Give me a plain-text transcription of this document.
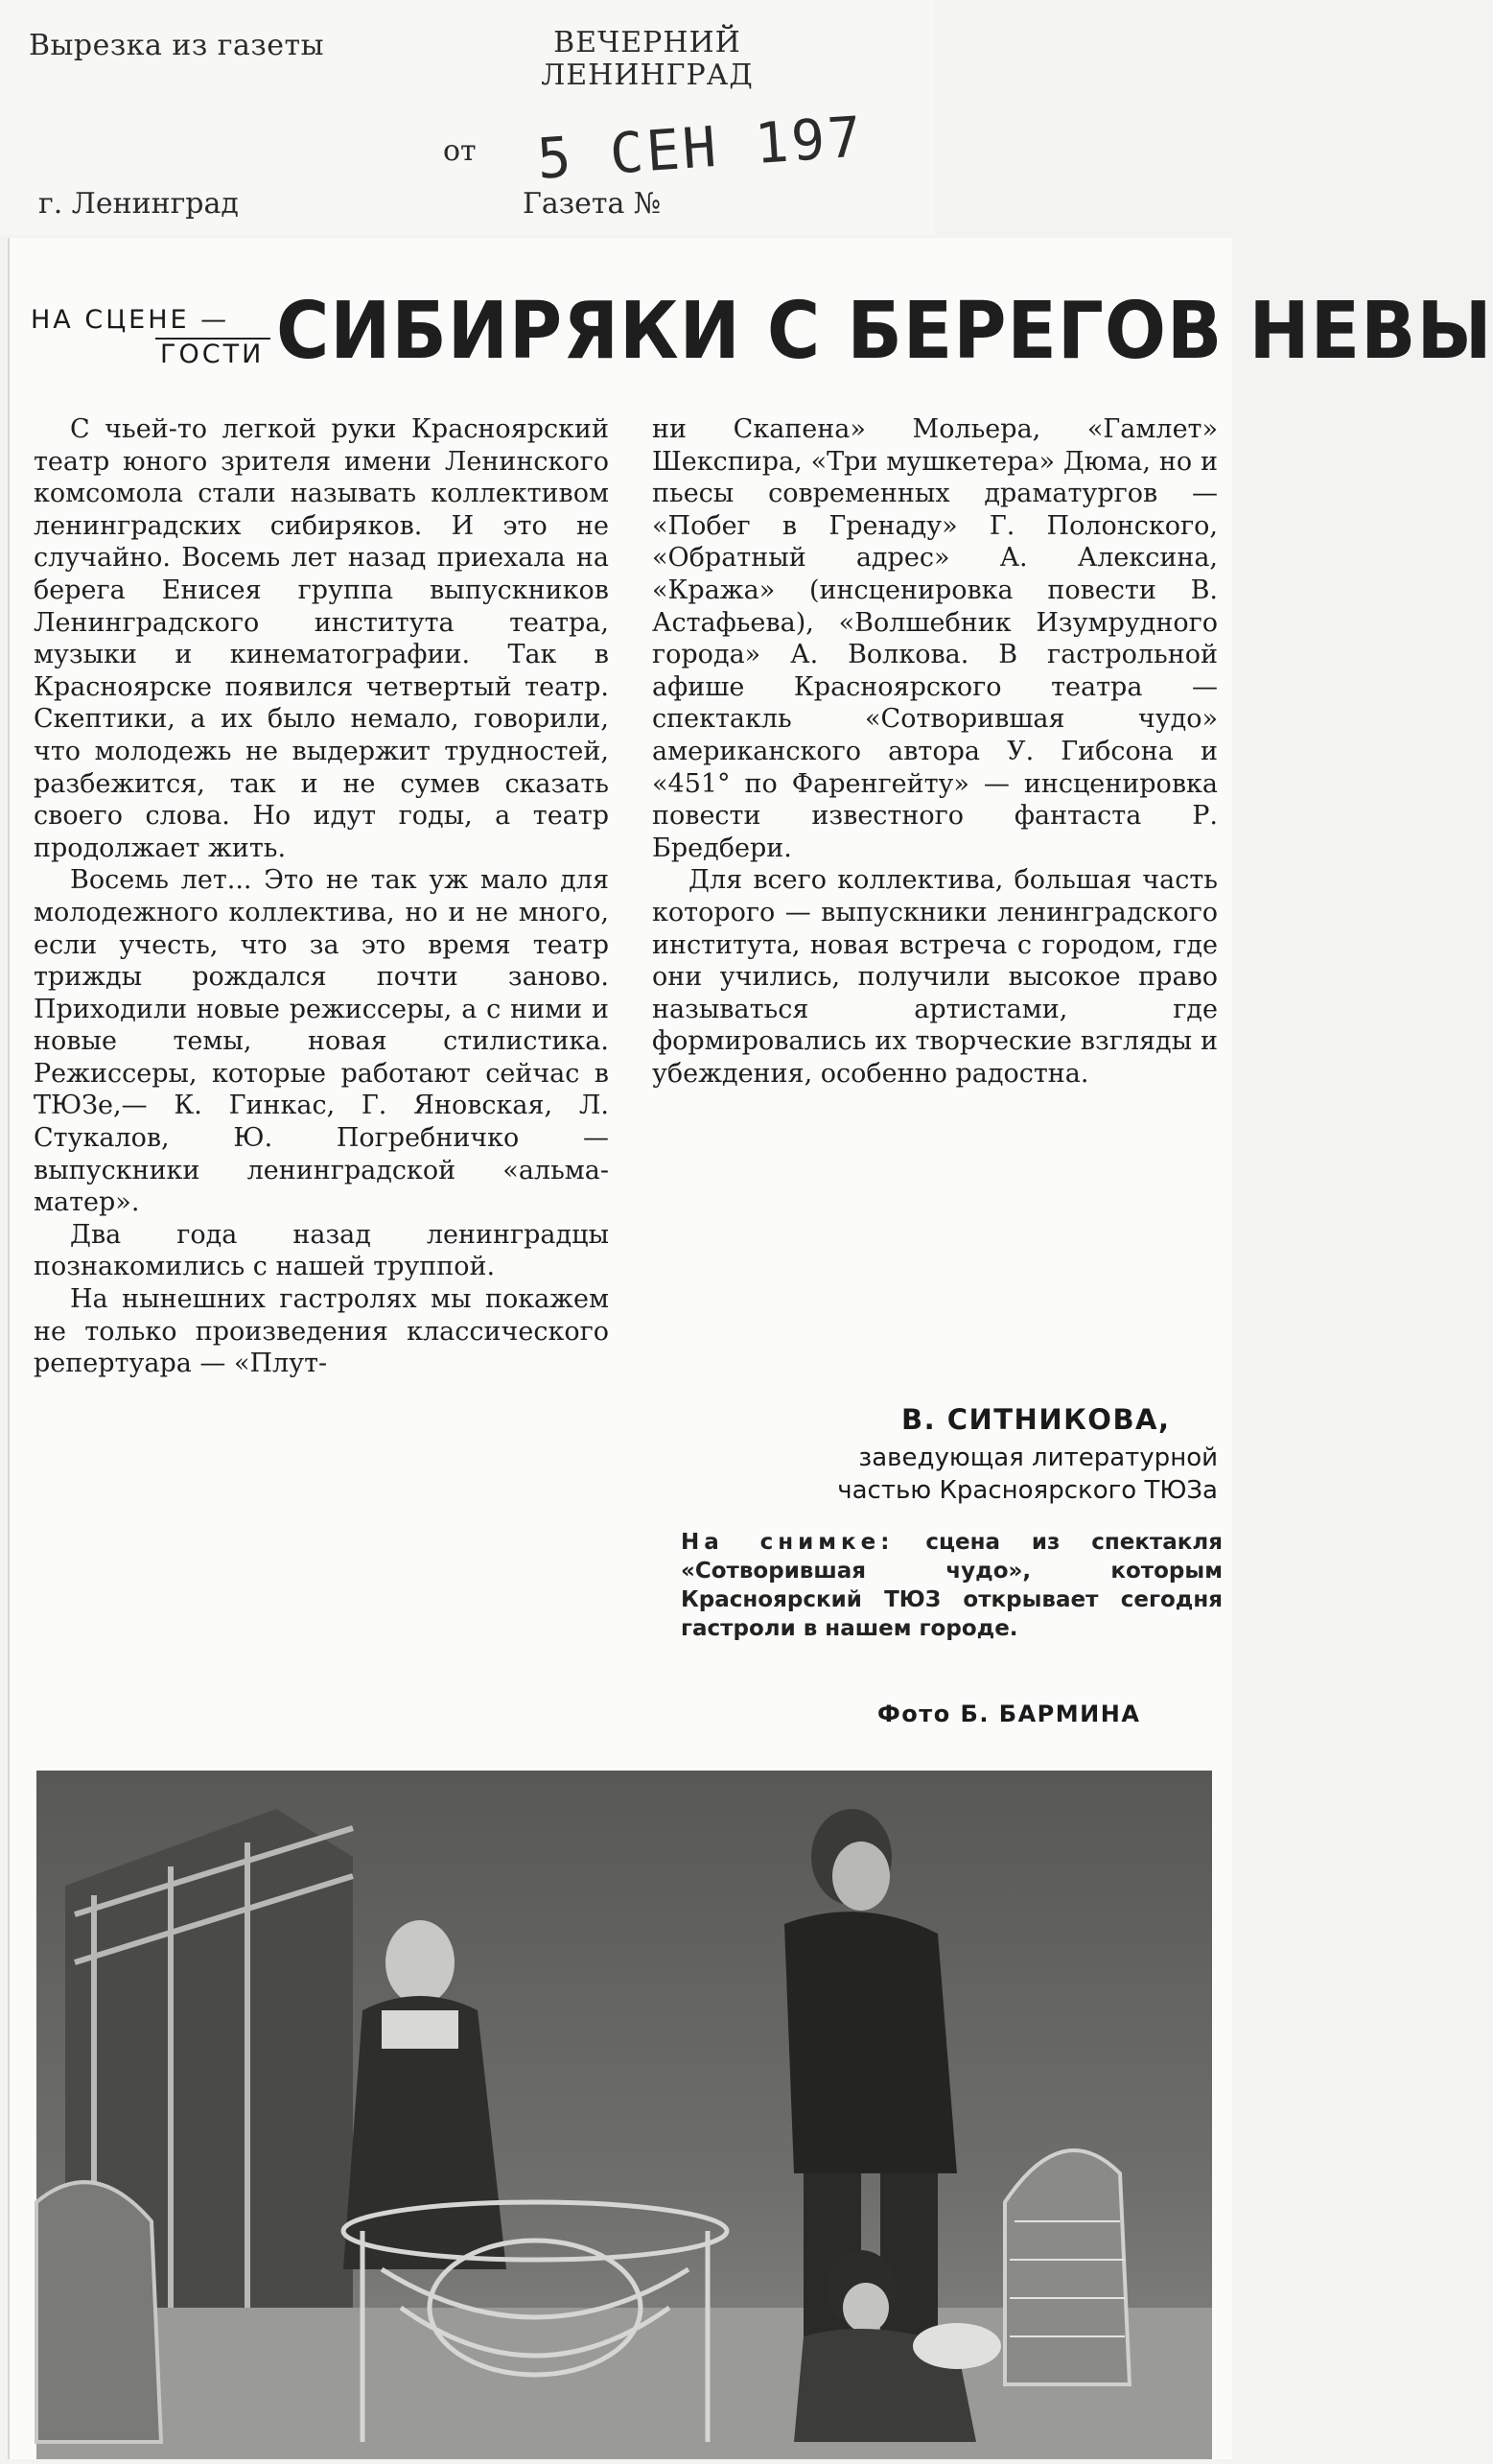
Вырезка из газеты	ВЕЧЕРНИЙ
ЛЕНИНГРАД
от 5 СЕН 197
г. Ленинград	Газета №
НА СЦЕНЕ —
ГОСТИ СИБИРЯКИ С БЕРЕГОВ НЕВЫ

С чьей-то легкой руки Красноярский театр юного зрителя имени Ленинского комсомола стали называть коллективом ленинградских сибиряков. И это не случайно. Восемь лет назад приехала на берега Енисея группа выпускников Ленинградского института театра, музыки и кинематографии. Так в Красноярске появился четвертый театр. Скептики, а их было немало, говорили, что молодежь не выдержит трудностей, разбежится, так и не сумев сказать своего слова. Но идут годы, а театр продолжает жить.

Восемь лет... Это не так уж мало для молодежного коллектива, но и не много, если учесть, что за это время театр трижды рождался почти заново. Приходили новые режиссеры, а с ними и новые темы, новая стилистика. Режиссеры, которые работают сейчас в ТЮЗе,— К. Гинкас, Г. Яновская, Л. Стукалов, Ю. Погребничко — выпускники ленинградской «альма-матер».

Два года назад ленинградцы познакомились с нашей труппой.

На нынешних гастролях мы покажем не только произведения классического репертуара — «Плут-

ни Скапена» Мольера, «Гамлет» Шекспира, «Три мушкетера» Дюма, но и пьесы современных драматургов — «Побег в Гренаду» Г. Полонского, «Обратный адрес» А. Алексина, «Кража» (инсценировка повести В. Астафьева), «Волшебник Изумрудного города» А. Волкова. В гастрольной афише Красноярского театра — спектакль «Сотворившая чудо» американского автора У. Гибсона и «451° по Фаренгейту» — инсценировка повести известного фантаста Р. Бредбери.

Для всего коллектива, большая часть которого — выпускники ленинградского института, новая встреча с городом, где они учились, получили высокое право называться артистами, где формировались их творческие взгляды и убеждения, особенно радостна.

В. СИТНИКОВА,
заведующая литературной
частью Красноярского ТЮЗа
На снимке: сцена из спектакля «Сотворившая чудо», которым Красноярский ТЮЗ открывает сегодня гастроли в нашем городе.
Фото Б. БАРМИНА
